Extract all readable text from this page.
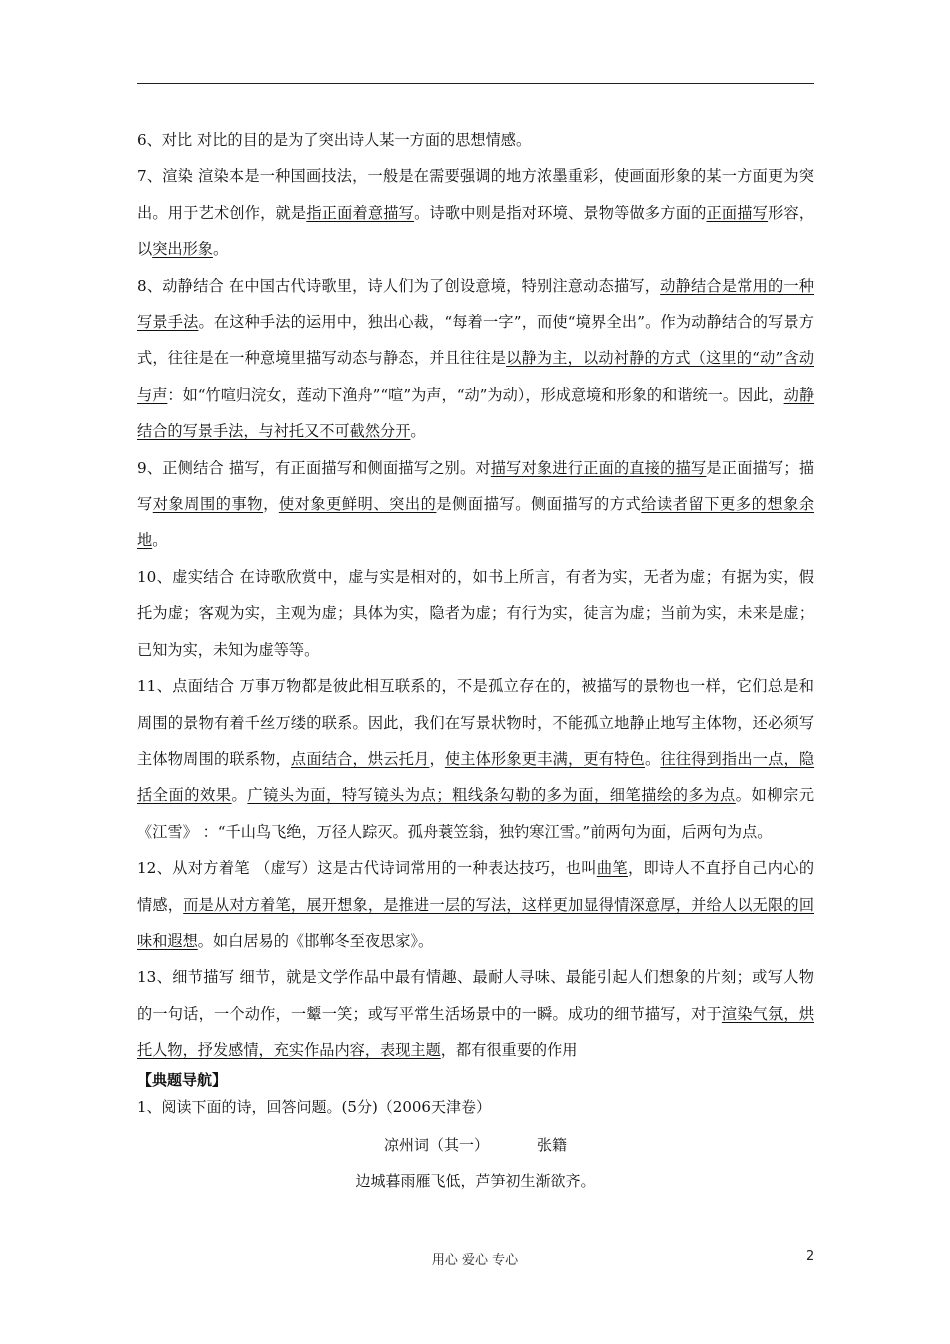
6、对比 对比的目的是为了突出诗人某一方面的思想情感。

7、渲染 渲染本是一种国画技法，一般是在需要强调的地方浓墨重彩，使画面形象的某一方面更为突出。用于艺术创作，就是指正面着意描写。诗歌中则是指对环境、景物等做多方面的正面描写形容，以突出形象。

8、动静结合 在中国古代诗歌里，诗人们为了创设意境，特别注意动态描写，动静结合是常用的一种写景手法。在这种手法的运用中，独出心裁，“每着一字”，而使“境界全出”。作为动静结合的写景方式，往往是在一种意境里描写动态与静态，并且往往是以静为主，以动衬静的方式（这里的“动”含动与声：如“竹喧归浣女，莲动下渔舟”“喧”为声，“动”为动），形成意境和形象的和谐统一。因此，动静结合的写景手法，与衬托又不可截然分开。

9、正侧结合 描写，有正面描写和侧面描写之别。对描写对象进行正面的直接的描写是正面描写；描写对象周围的事物，使对象更鲜明、突出的是侧面描写。侧面描写的方式给读者留下更多的想象余地。

10、虚实结合 在诗歌欣赏中，虚与实是相对的，如书上所言，有者为实，无者为虚；有据为实，假托为虚；客观为实，主观为虚；具体为实，隐者为虚；有行为实，徒言为虚；当前为实，未来是虚；已知为实，未知为虚等等。

11、点面结合 万事万物都是彼此相互联系的，不是孤立存在的，被描写的景物也一样，它们总是和周围的景物有着千丝万缕的联系。因此，我们在写景状物时，不能孤立地静止地写主体物，还必须写主体物周围的联系物，点面结合，烘云托月，使主体形象更丰满，更有特色。往往得到指出一点，隐括全面的效果。广镜头为面，特写镜头为点；粗线条勾勒的多为面，细笔描绘的多为点。如柳宗元《江雪》 ：“千山鸟飞绝，万径人踪灭。孤舟蓑笠翁，独钓寒江雪。”前两句为面，后两句为点。

12、从对方着笔 （虚写）这是古代诗词常用的一种表达技巧，也叫曲笔，即诗人不直抒自己内心的情感，而是从对方着笔，展开想象，是推进一层的写法，这样更加显得情深意厚，并给人以无限的回味和遐想。如白居易的《邯郸冬至夜思家》。

13、细节描写 细节，就是文学作品中最有情趣、最耐人寻味、最能引起人们想象的片刻；或写人物的一句话，一个动作，一颦一笑；或写平常生活场景中的一瞬。成功的细节描写，对于渲染气氛，烘托人物，抒发感情，充实作品内容，表现主题，都有很重要的作用

【典题导航】

1、阅读下面的诗，回答问题。(5分)（2006天津卷）

凉州词（其一）	张籍

边城暮雨雁飞低，芦笋初生渐欲齐。

用心 爱心 专心	2
